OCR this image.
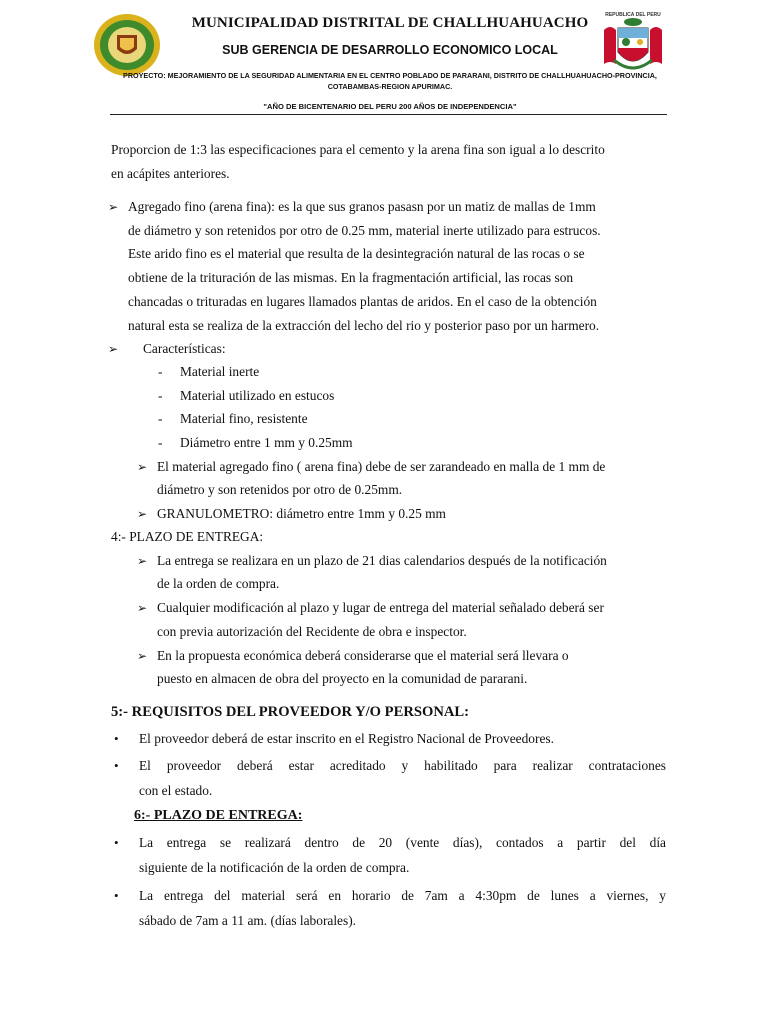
REPUBLICA DEL PERU
MUNICIPALIDAD DISTRITAL DE CHALLHUAHUACHO
SUB GERENCIA DE DESARROLLO ECONOMICO LOCAL
PROYECTO: MEJORAMIENTO DE LA SEGURIDAD ALIMENTARIA EN EL CENTRO POBLADO DE PARARANI, DISTRITO DE CHALLHUAHUACHO-PROVINCIA,
COTABAMBAS-REGION APURIMAC.
"AÑO DE BICENTENARIO DEL PERU 200 AÑOS DE INDEPENDENCIA"
Proporcion de 1:3 las especificaciones para el cemento y la arena fina son igual a lo descrito
en acápites anteriores.
➢ Agregado fino (arena fina): es la que sus granos pasasn por un matiz de mallas de 1mm
de diámetro y son retenidos por otro de 0.25 mm, material inerte utilizado para estrucos.
Este arido fino es el material que resulta de la desintegración natural de las rocas o se
obtiene de la trituración de las mismas. En la fragmentación artificial, las rocas son
chancadas o trituradas en lugares llamados plantas de aridos. En el caso de la obtención
natural esta se realiza de la extracción del lecho del rio y posterior paso por un harmero.
➢ Características:
- Material inerte
- Material utilizado en estucos
- Material fino, resistente
- Diámetro entre 1 mm y 0.25mm
➢ El material agregado fino ( arena fina) debe de ser zarandeado en malla de 1 mm de
diámetro y son retenidos por otro de 0.25mm.
➢ GRANULOMETRO: diámetro entre 1mm y 0.25 mm
4:- PLAZO DE ENTREGA:
➢ La entrega se realizara en un plazo de 21 dias calendarios después de la notificación
de la orden de compra.
➢ Cualquier modificación al plazo y lugar de entrega del material señalado deberá ser
con previa autorización del Recidente de obra e inspector.
➢ En la propuesta económica deberá considerarse que el material será llevara o
puesto en almacen de obra del proyecto en la comunidad de pararani.
5:- REQUISITOS DEL PROVEEDOR Y/O PERSONAL:
• El proveedor deberá de estar inscrito en el Registro Nacional de Proveedores.
• El proveedor deberá estar acreditado y habilitado para realizar contrataciones
con el estado.
6:- PLAZO DE ENTREGA:
• La entrega se realizará dentro de 20 (vente días), contados a partir del día
siguiente de la notificación de la orden de compra.
• La entrega del material será en horario de 7am a 4:30pm de lunes a viernes, y
sábado de 7am a 11 am. (días laborales).
